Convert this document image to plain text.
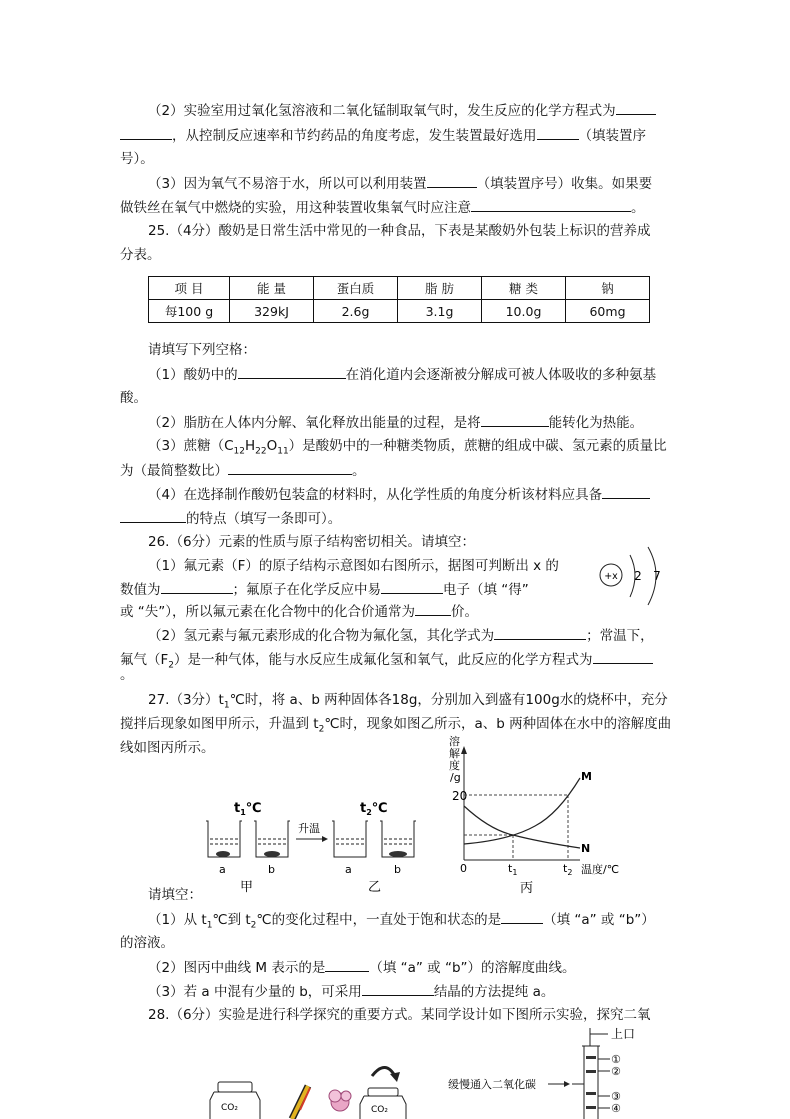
（2）实验室用过氧化氢溶液和二氧化锰制取氧气时，发生反应的化学方程式为
，从控制反应速率和节约药品的角度考虑，发生装置最好选用	（填装置序
号）。
（3）因为氧气不易溶于水，所以可以利用装置	（填装置序号）收集。如果要
做铁丝在氧气中燃烧的实验，用这种装置收集氧气时应注意	。
25.（4分）酸奶是日常生活中常见的一种食品，下表是某酸奶外包装上标识的营养成
分表。
项 目	能 量	蛋白质	脂 肪	糖 类	钠
每100 g	329kJ	2.6g	3.1g	10.0g	60mg
请填写下列空格：
（1）酸奶中的	在消化道内会逐渐被分解成可被人体吸收的多种氨基
酸。
（2）脂肪在人体内分解、氧化释放出能量的过程，是将	能转化为热能。
（3）蔗糖$(C_{12}H_{22}O_{11})$是酸奶中的一种糖类物质，蔗糖的组成中碳、氢元素的质量比
为（最简整数比）	。
（4）在选择制作酸奶包装盒的材料时，从化学性质的角度分析该材料应具备
的特点（填写一条即可）。
26.（6分）元素的性质与原子结构密切相关。请填空：
（1）氟元素（F）的原子结构示意图如右图所示，据图可判断出 x 的
数值为	；氟原子在化学反应中易	电子（填 “得”
或 “失”），所以氟元素在化合物中的化合价通常为	价。
+x 2 7
（2）氢元素与氟元素形成的化合物为氟化氢，其化学式为	；常温下，
氟气$(F_2)$是一种气体，能与水反应生成氟化氢和氧气，此反应的化学方程式为
。
27.（3分）$t_1℃$时，将 a、b 两种固体各18g，分别加入到盛有100g水的烧杯中，充分
搅拌后现象如图甲所示，升温到 $t_2℃$时，现象如图乙所示，a、b 两种固体在水中的溶解度曲
线如图丙所示。
$t_1℃$	$t_2℃$
升温
a	b	a	b
甲	乙
溶
解
度
/g
20
M
N
0	$t_1$	$t_2$ 温度/℃
丙
请填空：
（1）从 $t_1℃$到 $t_2℃$的变化过程中，一直处于饱和状态的是	（填 “a” 或 “b”）
的溶液。
（2）图丙中曲线 M 表示的是	（填 “a” 或 “b”）的溶解度曲线。
（3）若 a 中混有少量的 b，可采用	结晶的方法提纯 a。
28.（6分）实验是进行科学探究的重要方式。某同学设计如下图所示实验，探究二氧
CO₂	CO₂
缓慢通入二氧化碳
上口
①
②
③
④
